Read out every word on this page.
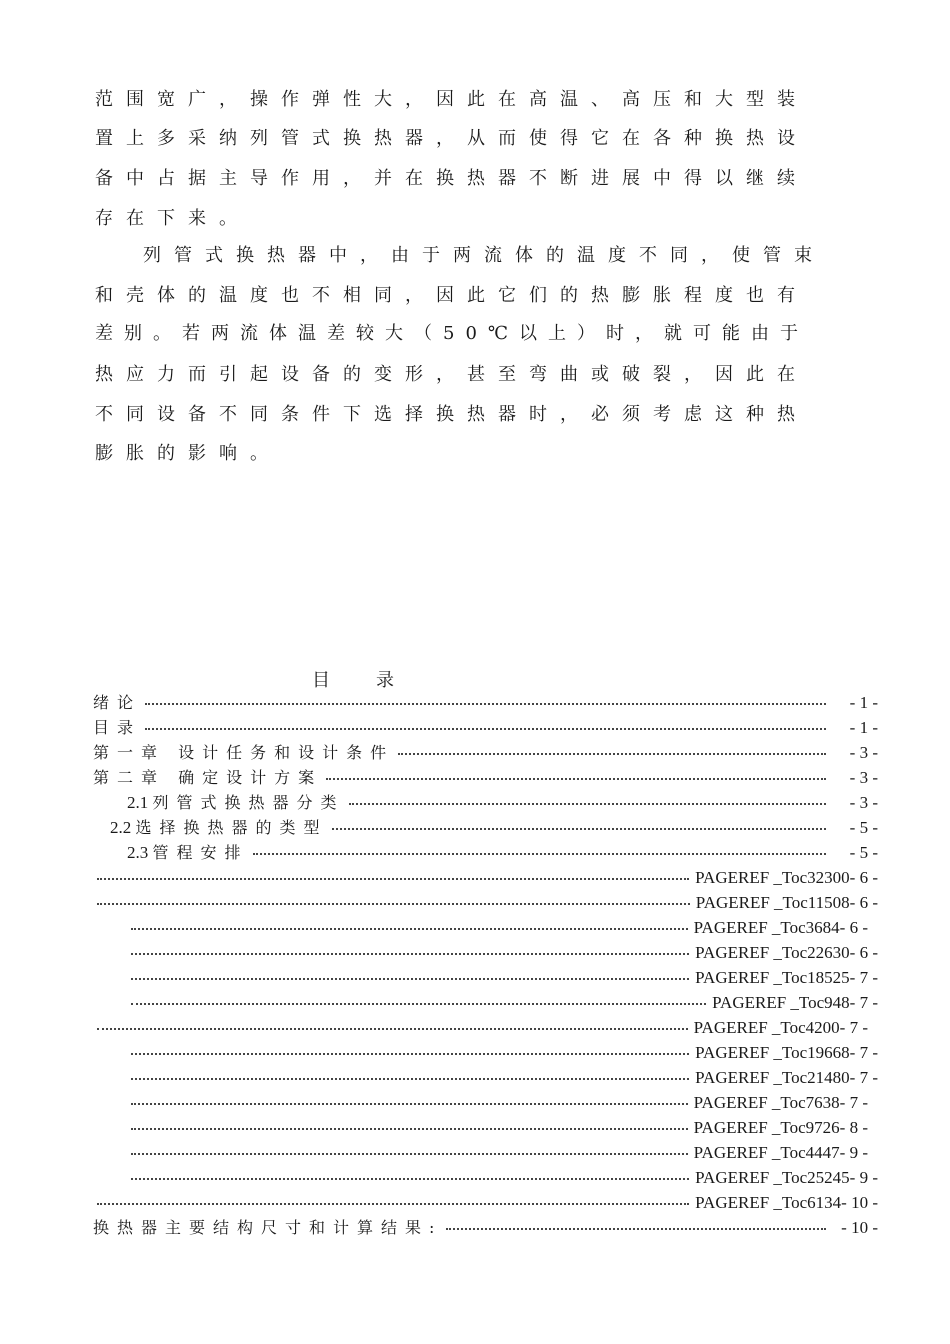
范围宽广，操作弹性大，因此在高温、高压和大型装
置上多采纳列管式换热器，从而使得它在各种换热设
备中占据主导作用，并在换热器不断进展中得以继续
存在下来。
列管式换热器中，由于两流体的温度不同，使管束
和壳体的温度也不相同，因此它们的热膨胀程度也有
差别。若两流体温差较大（50℃以上）时，就可能由于
热应力而引起设备的变形，甚至弯曲或破裂，因此在
不同设备不同条件下选择换热器时，必须考虑这种热
膨胀的影响。
目录
绪论	- 1 -
目录	- 1 -
第一章 设计任务和设计条件	- 3 -
第二章 确定设计方案	- 3 -
2.1 列管式换热器分类	- 3 -
2.2 选择换热器的类型	- 5 -
2.3 管程安排	- 5 -
PAGEREF _Toc32300 - 6 -
PAGEREF _Toc11508 - 6 -
PAGEREF _Toc3684 - 6 -
PAGEREF _Toc22630 - 6 -
PAGEREF _Toc18525 - 7 -
PAGEREF _Toc948 - 7 -
PAGEREF _Toc4200 - 7 -
PAGEREF _Toc19668 - 7 -
PAGEREF _Toc21480 - 7 -
PAGEREF _Toc7638 - 7 -
PAGEREF _Toc9726 - 8 -
PAGEREF _Toc4447 - 9 -
PAGEREF _Toc25245 - 9 -
PAGEREF _Toc6134 - 10 -
换热器主要结构尺寸和计算结果:	- 10 -
